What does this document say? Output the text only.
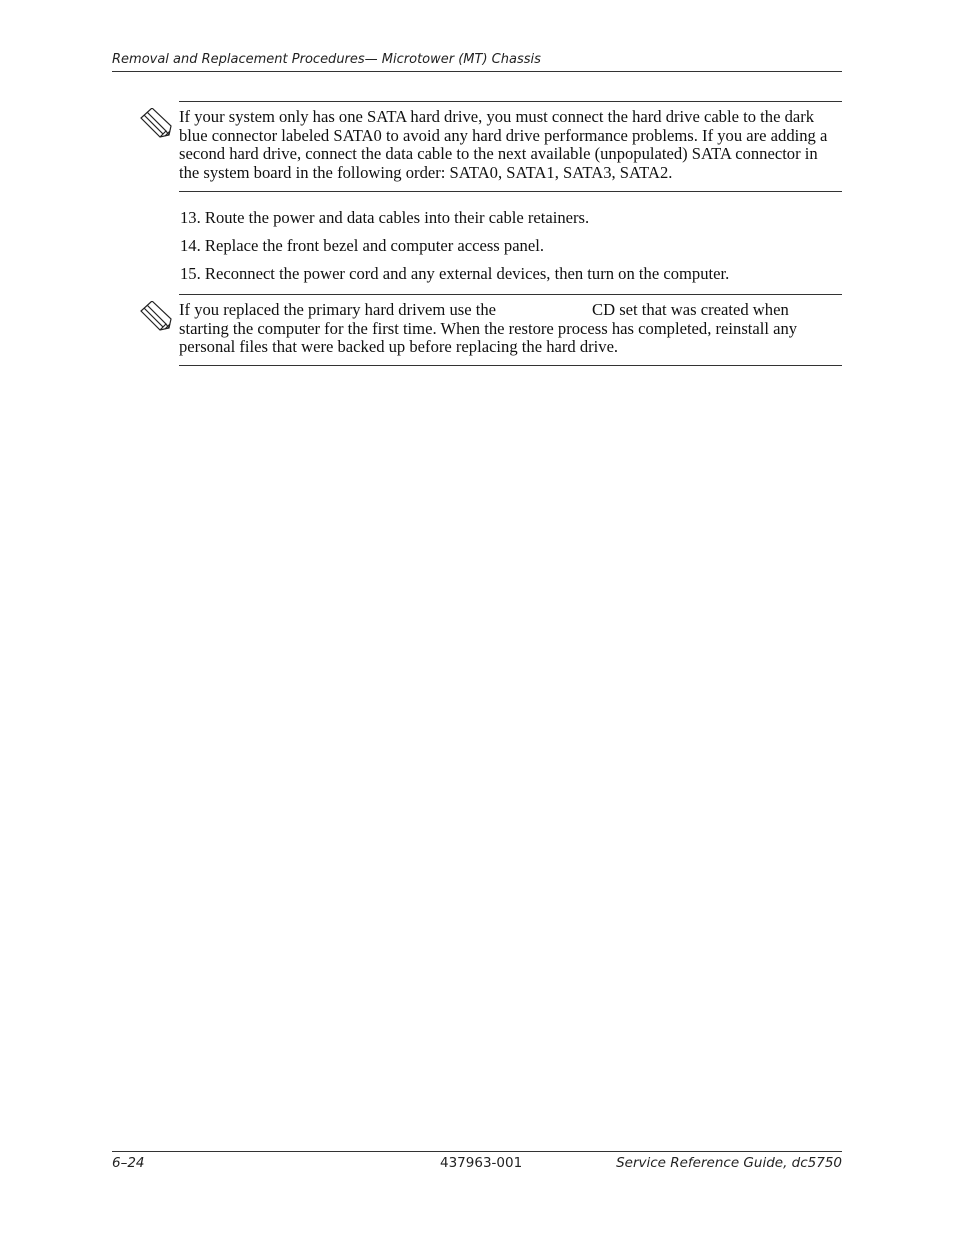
Removal and Replacement Procedures— Microtower (MT) Chassis
If your system only has one SATA hard drive, you must connect the hard drive cable to the dark blue connector labeled SATA0 to avoid any hard drive performance problems. If you are adding a second hard drive, connect the data cable to the next available (unpopulated) SATA connector in the system board in the following order: SATA0, SATA1, SATA3, SATA2.
13. Route the power and data cables into their cable retainers.
14. Replace the front bezel and computer access panel.
15. Reconnect the power cord and any external devices, then turn on the computer.
If you replaced the primary hard drivem use the	CD set that was created when starting the computer for the first time. When the restore process has completed, reinstall any personal files that were backed up before replacing the hard drive.
6–24	437963-001	Service Reference Guide, dc5750
